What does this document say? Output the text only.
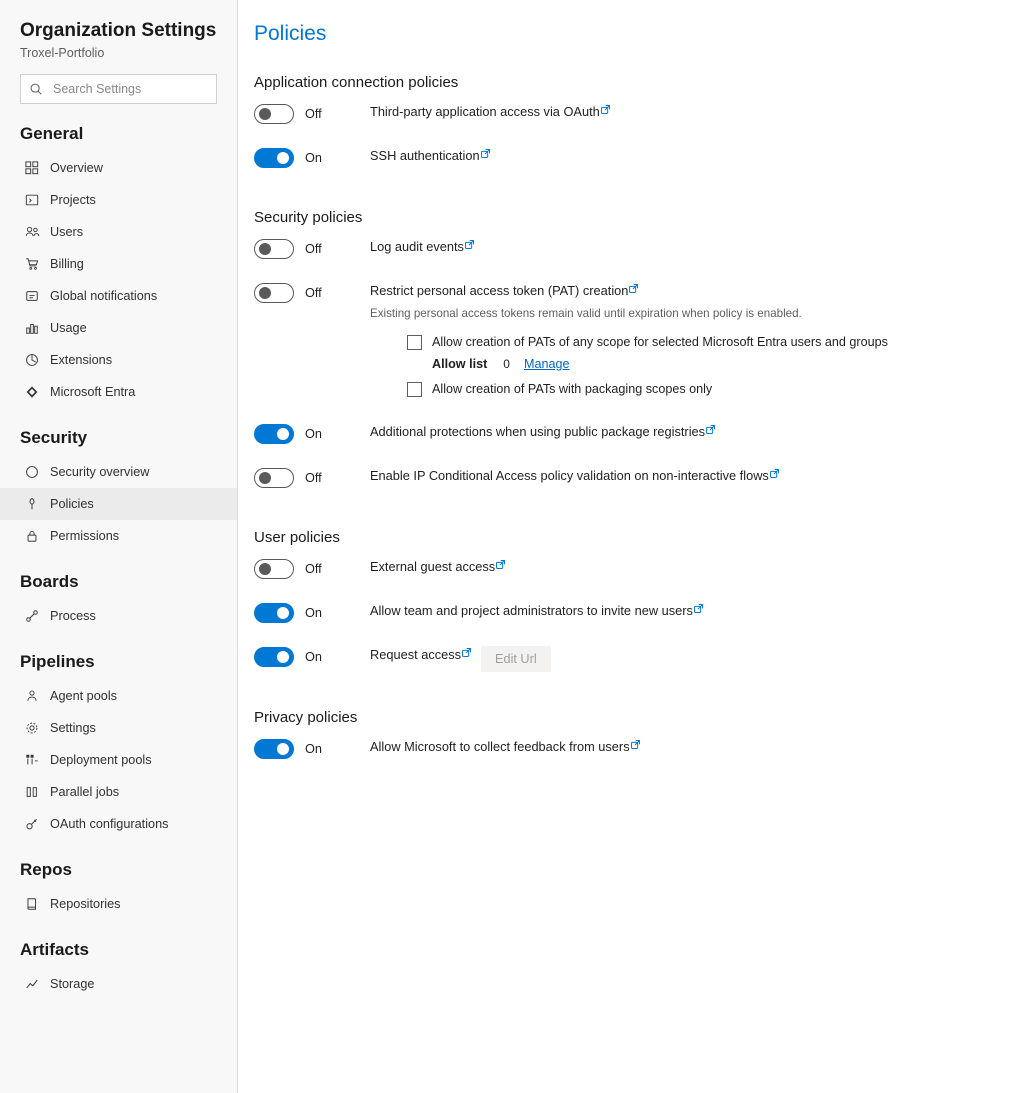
Organization Settings
Troxel-Portfolio
Search Settings
General
Overview
Projects
Users
Billing
Global notifications
Usage
Extensions
Microsoft Entra
Security
Security overview
Policies
Permissions
Boards
Process
Pipelines
Agent pools
Settings
Deployment pools
Parallel jobs
OAuth configurations
Repos
Repositories
Artifacts
Storage
Policies
Application connection policies
Off	Third-party application access via OAuth
On	SSH authentication
Security policies
Off	Log audit events
Off	Restrict personal access token (PAT) creation
Existing personal access tokens remain valid until expiration when policy is enabled.
Allow creation of PATs of any scope for selected Microsoft Entra users and groups
Allow list 0 Manage
Allow creation of PATs with packaging scopes only
On	Additional protections when using public package registries
Off	Enable IP Conditional Access policy validation on non-interactive flows
User policies
Off	External guest access
On	Allow team and project administrators to invite new users
On	Request access	Edit Url
Privacy policies
On	Allow Microsoft to collect feedback from users
